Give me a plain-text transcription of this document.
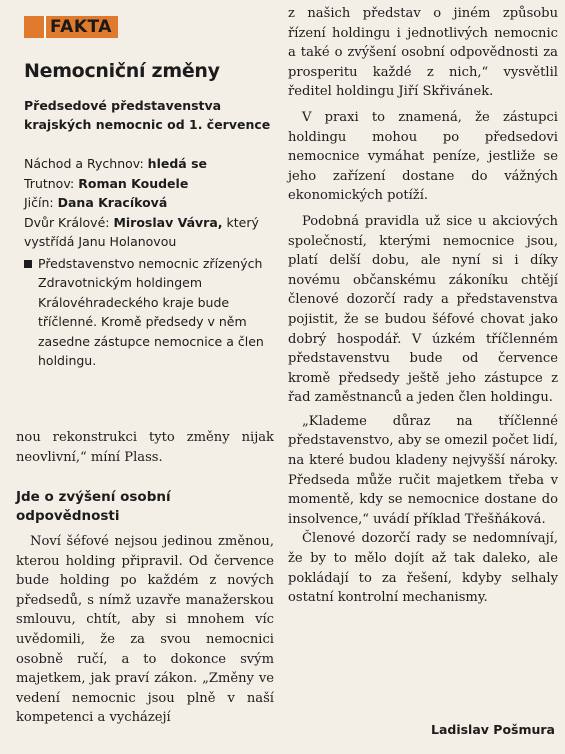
FAKTA
Nemocniční změny

Předsedové představenstva krajských nemocnic od 1. července

Náchod a Rychnov: hledá se

Trutnov: Roman Koudele

Jičín: Dana Kracíková

Dvůr Králové: Miroslav Vávra, který vystřídá Janu Holanovou

Představenstvo nemocnic zřízených Zdravotnickým holdingem Královéhradeckého kraje bude tříčlenné. Kromě předsedy v něm zasedne zástupce nemocnice a člen holdingu.

nou rekonstrukci tyto změny nijak neovlivní,“ míní Plass.

Jde o zvýšení osobní odpovědnosti

Noví šéfové nejsou jedinou změnou, kterou holding připravil. Od července bude holding po každém z nových předsedů, s nímž uzavře manažerskou smlouvu, chtít, aby si mnohem víc uvědomili, že za svou nemocnici osobně ručí, a to dokonce svým majetkem, jak praví zákon. „Změny ve vedení nemocnic jsou plně v naší kompetenci a vycházejí

z našich představ o jiném způsobu řízení holdingu i jednotlivých nemocnic a také o zvýšení osobní odpovědnosti za prosperitu každé z nich,“ vysvětlil ředitel holdingu Jiří Skřivánek.

V praxi to znamená, že zástupci holdingu mohou po předsedovi nemocnice vymáhat peníze, jestliže se jeho zařízení dostane do vážných ekonomických potíží.

Podobná pravidla už sice u akciových společností, kterými nemocnice jsou, platí delší dobu, ale nyní si i díky novému občanskému zákoníku chtějí členové dozorčí rady a představenstva pojistit, že se budou šéfové chovat jako dobrý hospodář. V úzkém tříčlenném představenstvu bude od července kromě předsedy ještě jeho zástupce z řad zaměstnanců a jeden člen holdingu.

„Klademe důraz na tříčlenné představenstvo, aby se omezil počet lidí, na které budou kladeny nejvyšší nároky. Předseda může ručit majetkem třeba v momentě, kdy se nemocnice dostane do insolvence,“ uvádí příklad Třešňáková.

Členové dozorčí rady se nedomnívají, že by to mělo dojít až tak daleko, ale pokládají to za řešení, kdyby selhaly ostatní kontrolní mechanismy.

Ladislav Pošmura
